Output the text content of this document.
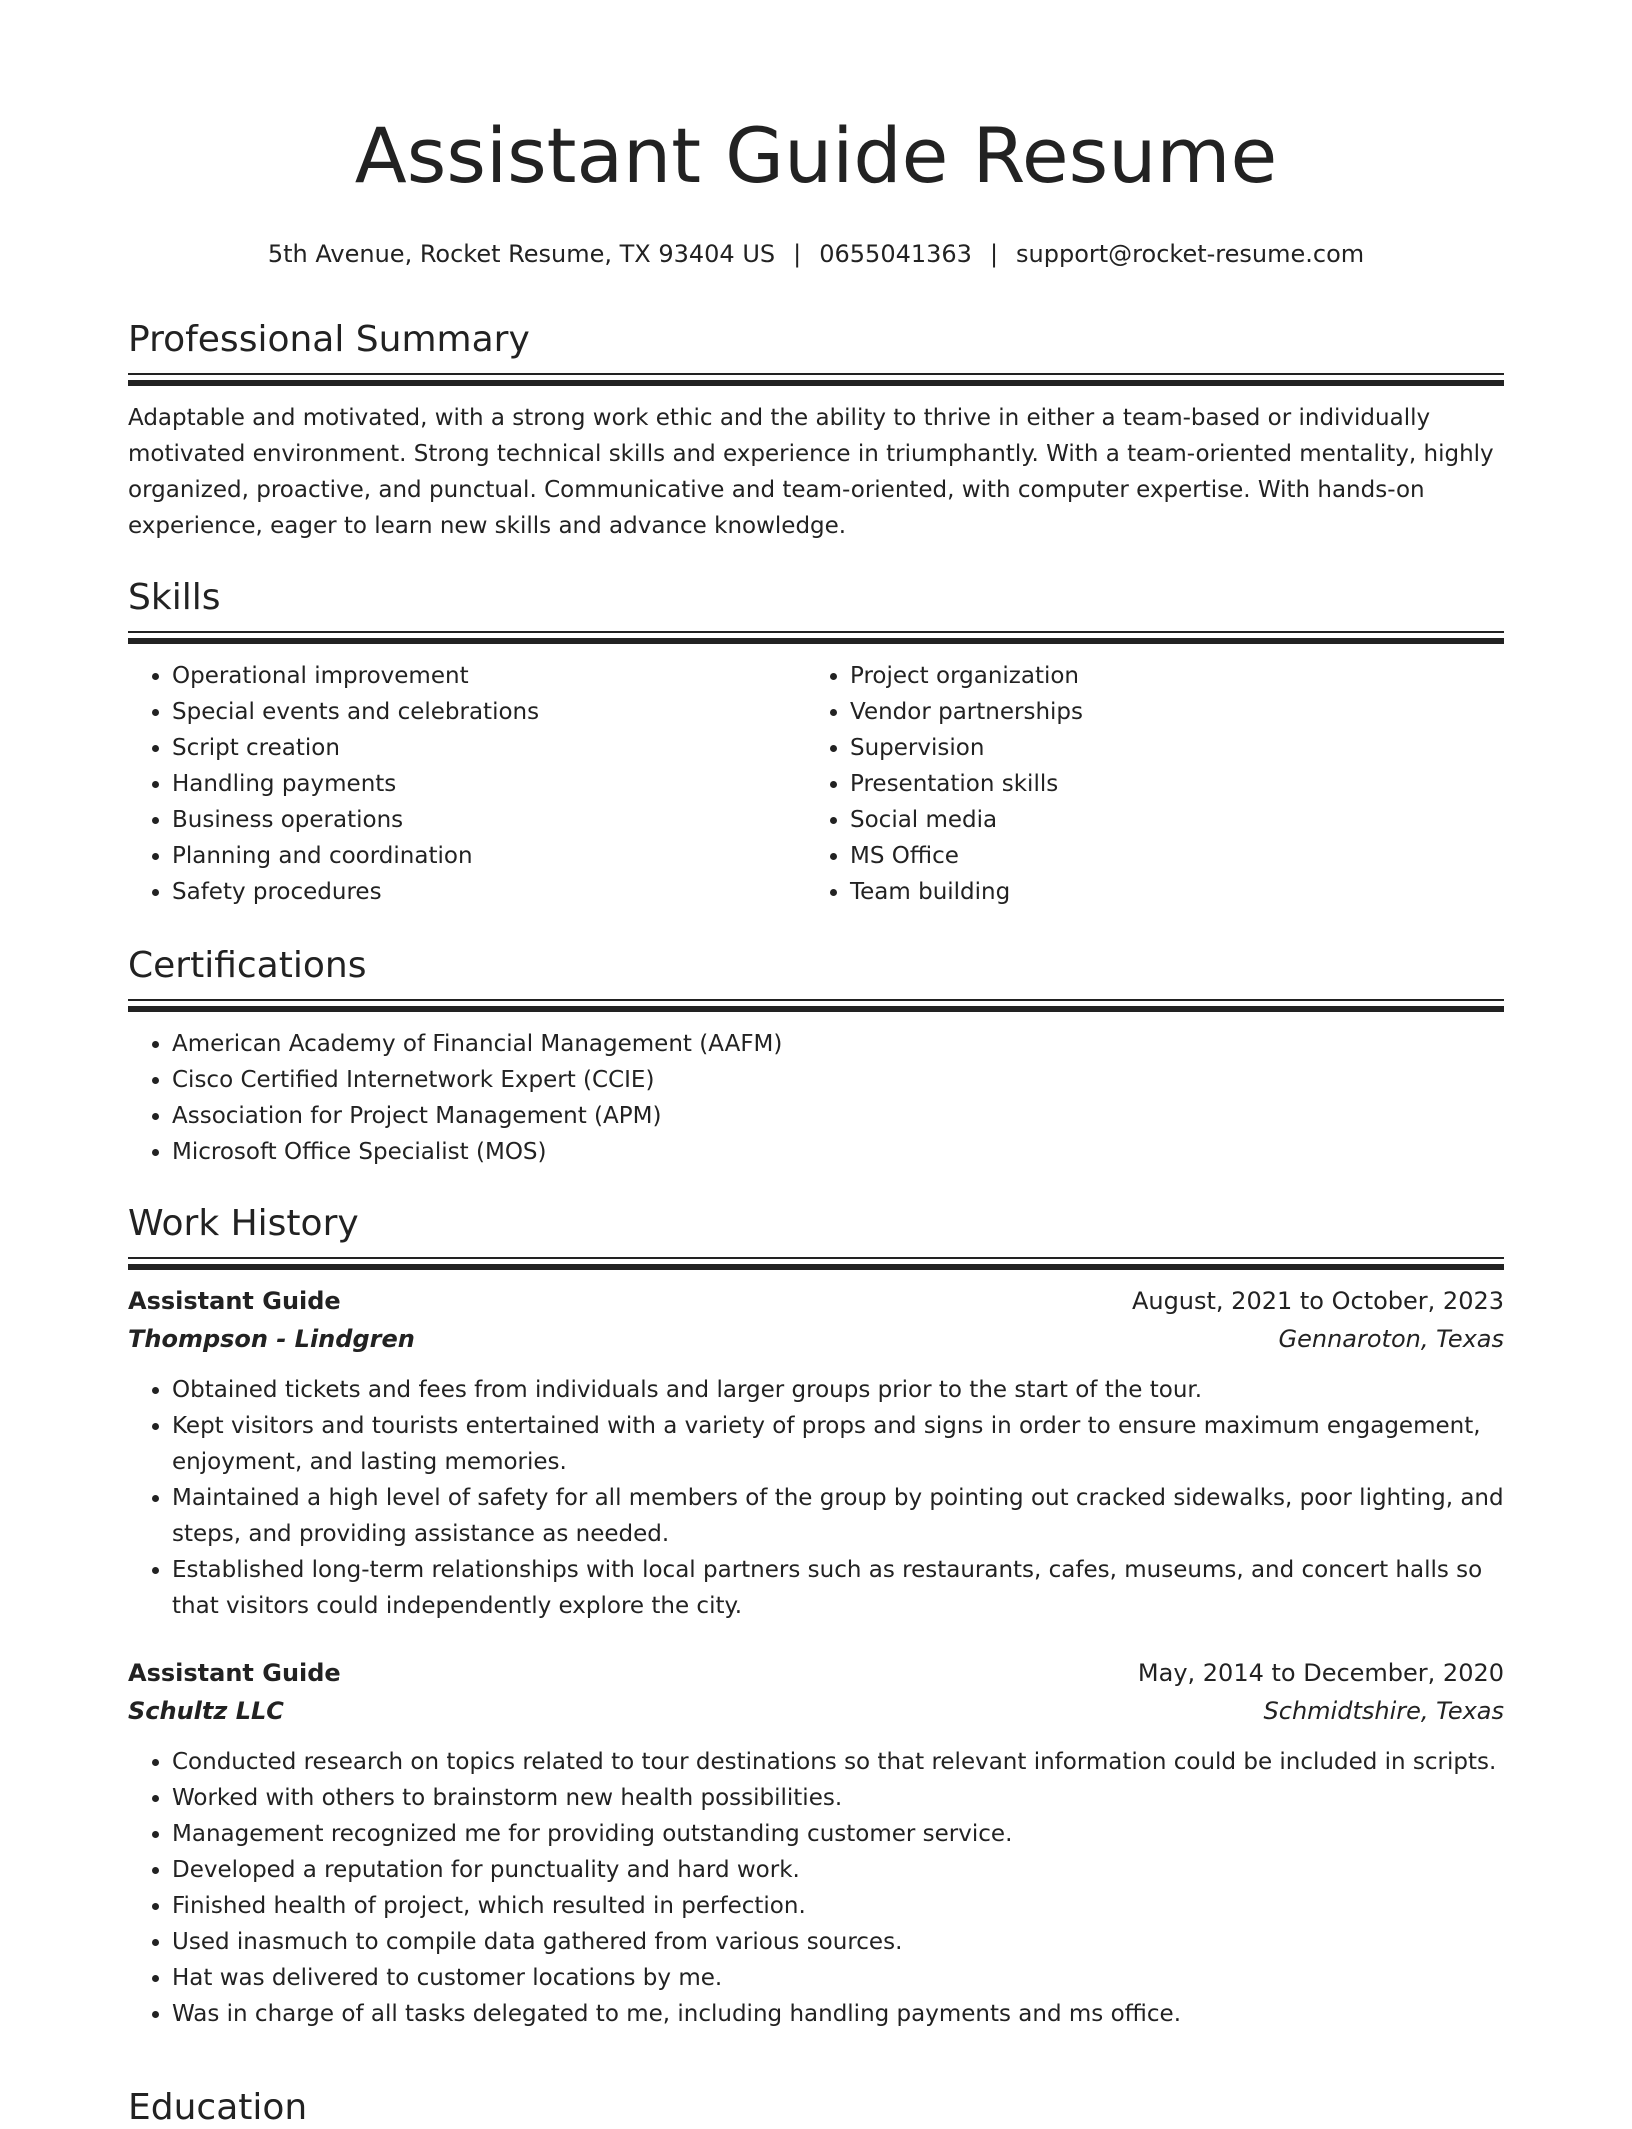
Assistant Guide Resume
5th Avenue, Rocket Resume, TX 93404 US | 0655041363 | support@rocket-resume.com
Professional Summary

Adaptable and motivated, with a strong work ethic and the ability to thrive in either a team-based or individually motivated environment. Strong technical skills and experience in triumphantly. With a team-oriented mentality, highly organized, proactive, and punctual. Communicative and team-oriented, with computer expertise. With hands-on experience, eager to learn new skills and advance knowledge.

Skills
• Operational improvement
• Special events and celebrations
• Script creation
• Handling payments
• Business operations
• Planning and coordination
• Safety procedures
• Project organization
• Vendor partnerships
• Supervision
• Presentation skills
• Social media
• MS Office
• Team building
Certifications
• American Academy of Financial Management (AAFM)
• Cisco Certified Internetwork Expert (CCIE)
• Association for Project Management (APM)
• Microsoft Office Specialist (MOS)
Work History
Assistant Guide	August, 2021 to October, 2023
Thompson - Lindgren	Gennaroton, Texas
• Obtained tickets and fees from individuals and larger groups prior to the start of the tour.
• Kept visitors and tourists entertained with a variety of props and signs in order to ensure maximum engagement, enjoyment, and lasting memories.
• Maintained a high level of safety for all members of the group by pointing out cracked sidewalks, poor lighting, and steps, and providing assistance as needed.
• Established long-term relationships with local partners such as restaurants, cafes, museums, and concert halls so that visitors could independently explore the city.
Assistant Guide	May, 2014 to December, 2020
Schultz LLC	Schmidtshire, Texas
• Conducted research on topics related to tour destinations so that relevant information could be included in scripts.
• Worked with others to brainstorm new health possibilities.
• Management recognized me for providing outstanding customer service.
• Developed a reputation for punctuality and hard work.
• Finished health of project, which resulted in perfection.
• Used inasmuch to compile data gathered from various sources.
• Hat was delivered to customer locations by me.
• Was in charge of all tasks delegated to me, including handling payments and ms office.
Education
